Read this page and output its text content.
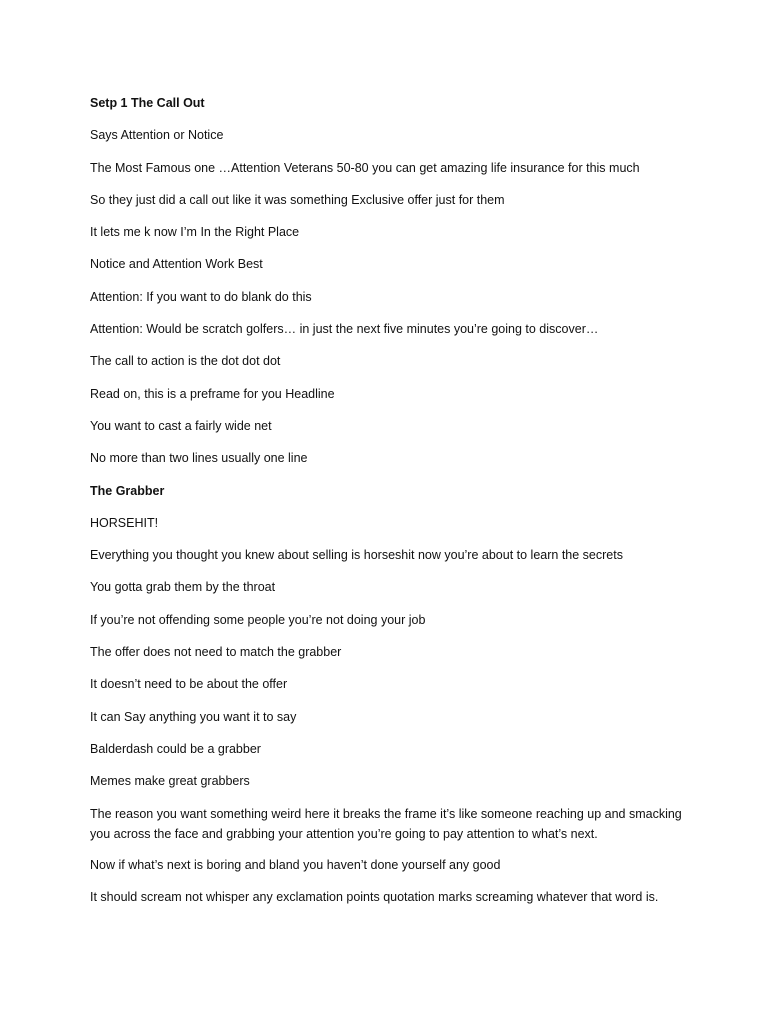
Setp 1 The Call Out

Says Attention or Notice

The Most Famous one …Attention Veterans 50-80 you can get amazing life insurance for this much

So they just did a call out like it was something Exclusive offer just for them

It lets me k now I’m In the Right Place

Notice and Attention Work Best

Attention: If you want to do blank do this

Attention: Would be scratch golfers… in just the next five minutes you’re going to discover…

The call to action is the dot dot dot

Read on, this is a preframe for you Headline

You want to cast a fairly wide net

No more than two lines usually one line

The Grabber

HORSEHIT!

Everything you thought you knew about selling is horseshit now you’re about to learn the secrets

You gotta grab them by the throat

If you’re not offending some people you’re not doing your job

The offer does not need to match the grabber

It doesn’t need to be about the offer

It can Say anything you want it to say

Balderdash could be a grabber

Memes make great grabbers

The reason you want something weird here it breaks the frame it’s like someone reaching up and smacking you across the face and grabbing your attention you’re going to pay attention to what’s next.

Now if what’s next is boring and bland you haven’t done yourself any good

It should scream not whisper any exclamation points quotation marks screaming whatever that word is.
